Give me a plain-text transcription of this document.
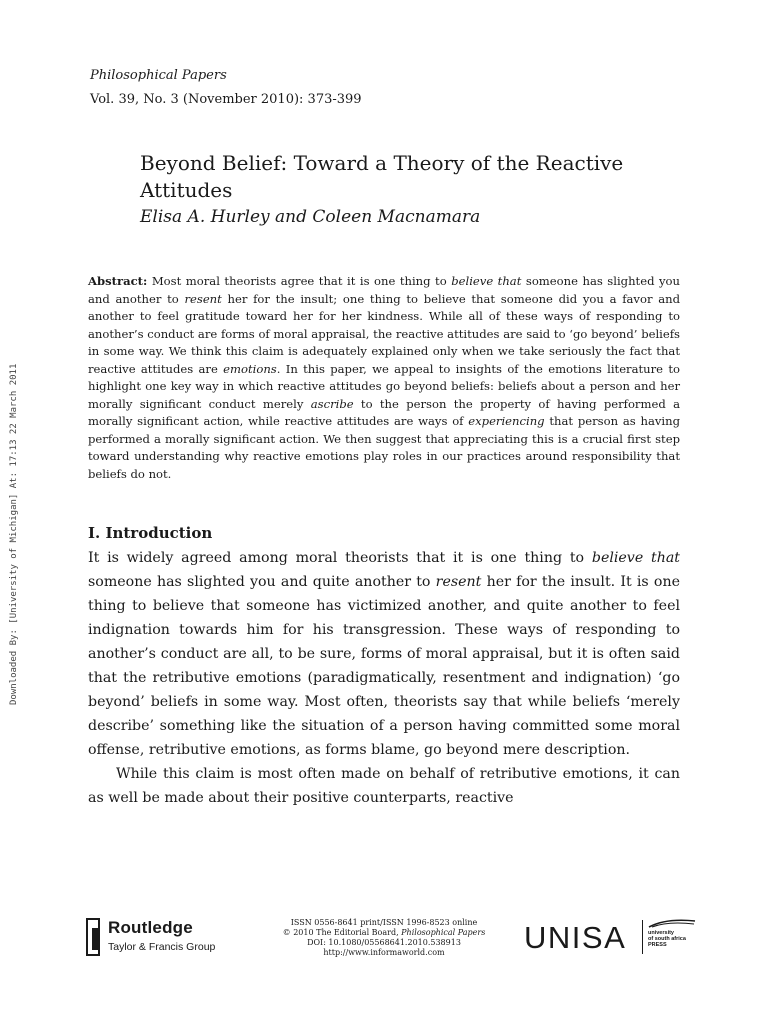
Philosophical Papers
Vol. 39, No. 3 (November 2010): 373-399
Beyond Belief: Toward a Theory of the Reactive Attitudes
Elisa A. Hurley and Coleen Macnamara
Abstract: Most moral theorists agree that it is one thing to believe that someone has slighted you and another to resent her for the insult; one thing to believe that someone did you a favor and another to feel gratitude toward her for her kindness. While all of these ways of responding to another’s conduct are forms of moral appraisal, the reactive attitudes are said to ‘go beyond’ beliefs in some way. We think this claim is adequately explained only when we take seriously the fact that reactive attitudes are emotions. In this paper, we appeal to insights of the emotions literature to highlight one key way in which reactive attitudes go beyond beliefs: beliefs about a person and her morally significant conduct merely ascribe to the person the property of having performed a morally significant action, while reactive attitudes are ways of experiencing that person as having performed a morally significant action. We then suggest that appreciating this is a crucial first step toward understanding why reactive emotions play roles in our practices around responsibility that beliefs do not.
Downloaded By: [University of Michigan] At: 17:13 22 March 2011	I. Introduction

It is widely agreed among moral theorists that it is one thing to believe that someone has slighted you and quite another to resent her for the insult. It is one thing to believe that someone has victimized another, and quite another to feel indignation towards him for his transgression. These ways of responding to another’s conduct are all, to be sure, forms of moral appraisal, but it is often said that the retributive emotions (paradigmatically, resentment and indignation) ‘go beyond’ beliefs in some way. Most often, theorists say that while beliefs ‘merely describe’ something like the situation of a person having committed some moral offense, retributive emotions, as forms blame, go beyond mere description.

While this claim is most often made on behalf of retributive emotions, it can as well be made about their positive counterparts, reactive

Routledge
Taylor & Francis Group
ISSN 0556-8641 print/ISSN 1996-8523 online
© 2010 The Editorial Board, Philosophical Papers
DOI: 10.1080/05568641.2010.538913
http://www.informaworld.com	UNISA	university
of south africa
PRESS
